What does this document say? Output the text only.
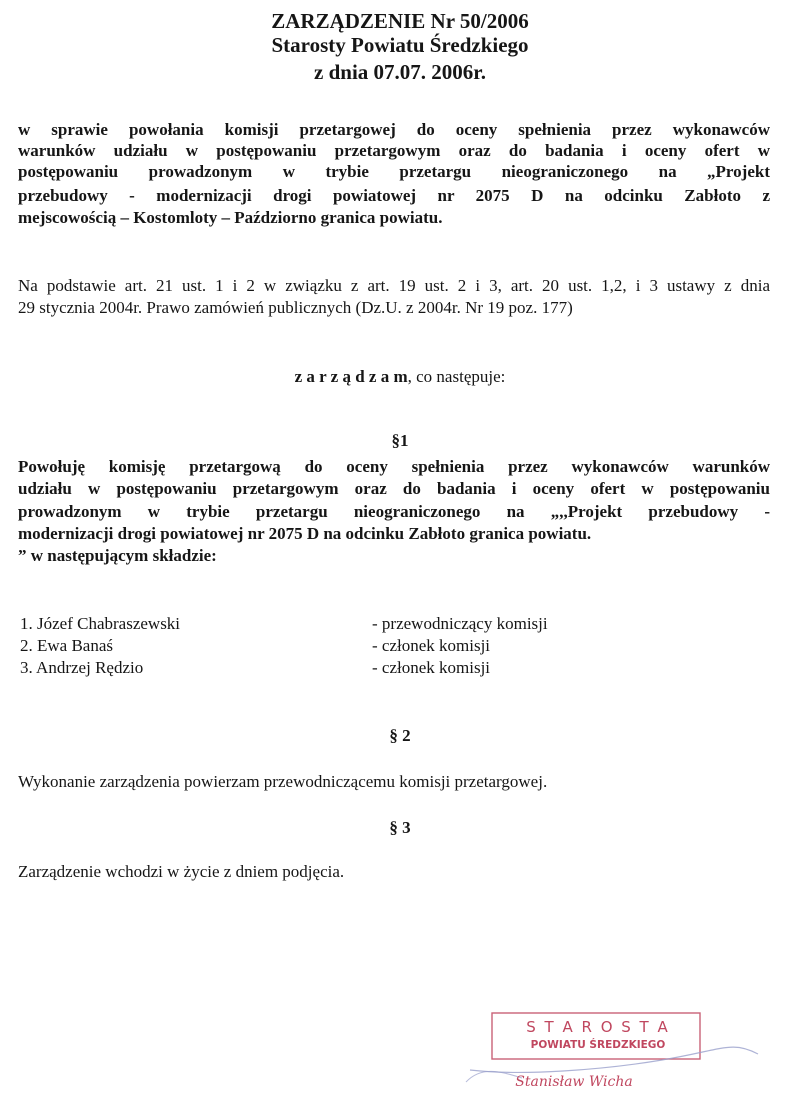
ZARZĄDZENIE Nr 50/2006
Starosty Powiatu Średzkiego
z dnia 07.07. 2006r.
w sprawie powołania komisji przetargowej do oceny spełnienia przez wykonawców
warunków udziału w postępowaniu przetargowym oraz do badania i oceny ofert w
postępowaniu prowadzonym w trybie przetargu nieograniczonego na „Projekt
przebudowy - modernizacji drogi powiatowej nr 2075 D na odcinku Zabłoto z
mejscowością – Kostomloty – Paździorno granica powiatu.
Na podstawie art. 21 ust. 1 i 2 w związku z art. 19 ust. 2 i 3, art. 20 ust. 1,2, i 3 ustawy z dnia
29 stycznia 2004r. Prawo zamówień publicznych (Dz.U. z 2004r. Nr 19 poz. 177)
z a r z ą d z a m, co następuje:
§1
Powołuję komisję przetargową do oceny spełnienia przez wykonawców warunków
udziału w postępowaniu przetargowym oraz do badania i oceny ofert w postępowaniu
prowadzonym w trybie przetargu nieograniczonego na „,,Projekt przebudowy -
modernizacji drogi powiatowej nr 2075 D na odcinku Zabłoto granica powiatu.
” w następującym składzie:
1. Józef Chabraszewski	- przewodniczący komisji
2. Ewa Banaś	- członek komisji
3. Andrzej Rędzio	- członek komisji
§ 2
Wykonanie zarządzenia powierzam przewodniczącemu komisji przetargowej.
§ 3
Zarządzenie wchodzi w życie z dniem podjęcia.
S T A R O S T A
POWIATU ŚREDZKIEGO
Stanisław Wicha
